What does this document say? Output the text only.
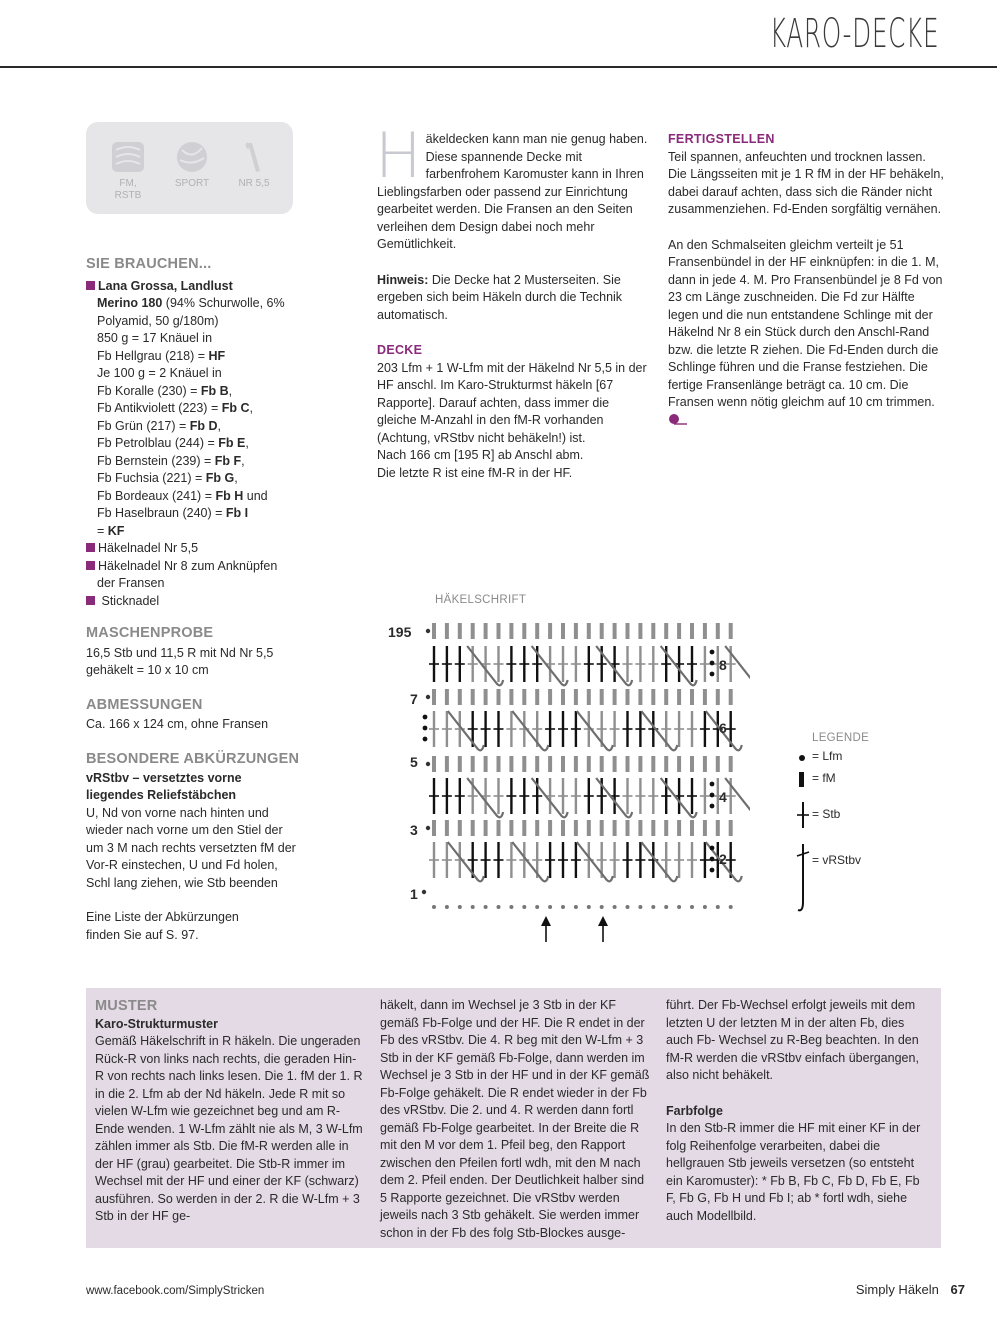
KARO-DECKE
FM,
RSTB
SPORT	NR 5,5
SIE BRAUCHEN...
Lana Grossa, Landlust
Merino 180 (94% Schurwolle, 6% Polyamid, 50 g/180m)
850 g = 17 Knäuel in
Fb Hellgrau (218) = HF
Je 100 g = 2 Knäuel in
Fb Koralle (230) = Fb B,
Fb Antikviolett (223) = Fb C,
Fb Grün (217) = Fb D,
Fb Petrolblau (244) = Fb E,
Fb Bernstein (239) = Fb F,
Fb Fuchsia (221) = Fb G,
Fb Bordeaux (241) = Fb H und
Fb Haselbraun (240) = Fb I
= KF
Häkelnadel Nr 5,5
Häkelnadel Nr 8 zum Anknüpfen der Fransen
Sticknadel
MASCHENPROBE
16,5 Stb und 11,5 R mit Nd Nr 5,5 gehäkelt = 10 x 10 cm
ABMESSUNGEN
Ca. 166 x 124 cm, ohne Fransen
BESONDERE ABKÜRZUNGEN
vRStbv – versetztes vorne liegendes Reliefstäbchen
U, Nd von vorne nach hinten und wieder nach vorne um den Stiel der um 3 M nach rechts versetzten fM der Vor-R einstechen, U und Fd holen, Schl lang ziehen, wie Stb beenden
Eine Liste der Abkürzungen finden Sie auf S. 97.

Häkeldecken kann man nie genug haben. Diese spannende Decke mit farbenfrohem Karomuster kann in Ihren Lieblingsfarben oder passend zur Einrichtung gearbeitet werden. Die Fransen an den Seiten verleihen dem Design dabei noch mehr Gemütlichkeit.

Hinweis: Die Decke hat 2 Musterseiten. Sie ergeben sich beim Häkeln durch die Technik automatisch.

DECKE
203 Lfm + 1 W-Lfm mit der Häkelnd Nr 5,5 in der HF anschl. Im Karo-Strukturmst häkeln [67 Rapporte]. Darauf achten, dass immer die gleiche M-Anzahl in den fM-R vorhanden (Achtung, vRStbv nicht behäkeln!) ist.
Nach 166 cm [195 R] ab Anschl abm.
Die letzte R ist eine fM-R in der HF.
FERTIGSTELLEN
Teil spannen, anfeuchten und trocknen lassen.
Die Längsseiten mit je 1 R fM in der HF behäkeln, dabei darauf achten, dass sich die Ränder nicht zusammenziehen. Fd-Enden sorgfältig vernähen.
An den Schmalseiten gleichm verteilt je 51 Fransenbündel in der HF einknüpfen: in die 1. M, dann in jede 4. M. Pro Fransenbündel je 8 Fd von 23 cm Länge zuschneiden. Die Fd zur Hälfte legen und die nun entstandene Schlinge mit der Häkelnd Nr 8 ein Stück durch den Anschl-Rand bzw. die letzte R ziehen. Die Fd-Enden durch die Schlinge führen und die Franse festziehen. Die fertige Fransenlänge beträgt ca. 10 cm. Die Fransen wenn nötig gleichm auf 10 cm trimmen.
HÄKELSCHRIFT
195
7
5
3
1
8
6
4
2
LEGENDE
= Lfm
= fM
= Stb
= vRStbv
MUSTER
Karo-Strukturmuster
Gemäß Häkelschrift in R häkeln. Die ungeraden Rück-R von links nach rechts, die geraden Hin-R von rechts nach links lesen. Die 1. fM der 1. R in die 2. Lfm ab der Nd häkeln. Jede R mit so vielen W-Lfm wie gezeichnet beg und am R-Ende wenden. 1 W-Lfm zählt nie als M, 3 W-Lfm zählen immer als Stb. Die fM-R werden alle in der HF (grau) gearbeitet. Die Stb-R immer im Wechsel mit der HF und einer der KF (schwarz) ausführen. So werden in der 2. R die W-Lfm + 3 Stb in der HF ge-
häkelt, dann im Wechsel je 3 Stb in der KF gemäß Fb-Folge und der HF. Die R endet in der Fb des vRStbv. Die 4. R beg mit den W-Lfm + 3 Stb in der KF gemäß Fb-Folge, dann werden im Wechsel je 3 Stb in der HF und in der KF gemäß Fb-Folge gehäkelt. Die R endet wieder in der Fb des vRStbv. Die 2. und 4. R werden dann fortl gemäß Fb-Folge gearbeitet. In der Breite die R mit den M vor dem 1. Pfeil beg, den Rapport zwischen den Pfeilen fortl wdh, mit den M nach dem 2. Pfeil enden. Der Deutlichkeit halber sind 5 Rapporte gezeichnet. Die vRStbv werden jeweils nach 3 Stb gehäkelt. Sie werden immer schon in der Fb des folg Stb-Blockes ausge-
führt. Der Fb-Wechsel erfolgt jeweils mit dem letzten U der letzten M in der alten Fb, dies auch Fb- Wechsel zu R-Beg beachten. In den fM-R werden die vRStbv einfach übergangen, also nicht behäkelt.
Farbfolge
In den Stb-R immer die HF mit einer KF in der folg Reihenfolge verarbeiten, dabei die hellgrauen Stb jeweils versetzen (so entsteht ein Karomuster): * Fb B, Fb C, Fb D, Fb E, Fb F, Fb G, Fb H und Fb I; ab * fortl wdh, siehe auch Modellbild.
www.facebook.com/SimplyStricken	Simply Häkeln 67
